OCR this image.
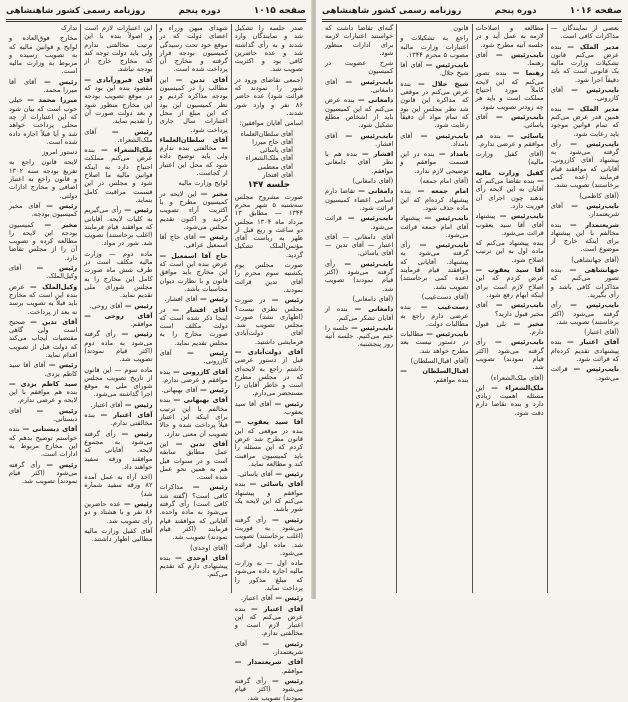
صفحه ۱۰۱۵
دوره پنجم
روزنامه رسمی کشور شاهنشاهی

صدر جلسه را تشکیل شد و نمایندگان وارد شدند و به رأی گذاشته شد و عده حاضرین کافی بود و اکثریت تصویب شد.

(جمعی تقاضای ورود در شور را نمودند که قرائت شود) عده حاضر ۸۶ نفر و وارد شور شدند.

اسامی آقایان موافقین:

آقای سلطان‌العلماء
آقای حاج میرزا
آقای یاسائی
آقای ملک‌الشعراء
آقای معظمی
آقای افتخار
جلسه ۱۴۷

صورت مشروح مجلس سه‌شنبه ۵ شهر محرم ۱۳۴۴ — مطابق ۱۳ مرداد ماه ۱۳۰۴ مجلس دو ساعت و ربع قبل از ظهر به ریاست آقای مؤتمن‌الملک تشکیل گردید.

صورت مجلس یوم یکشنبه سوم محرم را آقای تدین قرائت نمودند.

رئیس — در صورت مجلس نظری نیست؟ (اظهاری نشد) صورت مجلس تصویب شد. آقای دولت‌آبادی فرمایشی داشتید.

آقای دولت‌آبادی — قبل از دستور عرضی داشتم راجع به لایحه‌ای که در مجلس مطرح است و خاطر آقایان را مستحضر می‌دارم.

رئیس — آقای آقا سید یعقوب.

آقا سید یعقوب — بنده در موقعی که این قانون مطرح شد عرض کردم که این مسئله را باید کمیسیون مراقبت کند و مطالعه نماید.

رئیس — آقای یاسائی.

آقای یاسائی — بنده موافقم و پیشنهاد می‌کنم که این لایحه یک شور باشد.

رئیس — رأی گرفته می‌شود به فوریت (اغلب برخاستند) تصویب شد. ماده اول قرائت می‌شود.

ماده اول — به وزارت مالیه اجازه داده می‌شود که مبلغ مذکور را پرداخت نماید.

رئیس — آقای اعتبار.

آقای اعتبار — بنده عرض می‌کنم که این اعتبار لازم است و مخالفتی ندارم.

رئیس — آقای شریعتمدار.

آقای شریعتمدار — موافقم.

رئیس — رأی گرفته می‌شود (اکثر قیام نمودند) تصویب شد.

شهدای میهن وزراء و اعضای دولت که در موقع خود تحت رسیدگی کمیسیون بودجه قرار گرفته و مخارج آن پرداخت شده است.

آقای تدین — این مطالب را در کمیسیون بودجه مذاکره کردیم و نظر کمیسیون این بود که این مبلغ از محل اعتبارات سال جاری پرداخت شود.

آقای سلطان‌العلماء — مخالفتی بنده ندارم ولی باید توضیح داده شود که محل این اعتبار از کجاست.

لوایح وزارت مالیه

مخبر — این لایحه در کمیسیون مطرح و با اکثریت آراء تصویب گردید و اکنون تقدیم مجلس می‌شود.

رئیس — آقای حاج آقا اسمعیل عراقی.

حاج آقا اسمعیل — عرض بنده این است که این مخارج باید موافق قانون و با نظارت دیوان محاسبات باشد.

رئیس — آقای افشار.

آقای افشار — در اینجا ذکر شده است که دولت مکلف است صورت مخارج را به مجلس تقدیم نماید.

رئیس — آقای کازرونی.

آقای کازرونی — بنده موافقم و عرضی ندارم.

رئیس — آقای بهبهانی.

آقای بهبهانی — بنده مخالفم با این ترتیب برای اینکه این اعتبار قبلاً پرداخت شده و حالا تصویب آن معنی ندارد.

آقای تدین — این عمل مطابق سابقه است و در سنوات قبل هم به همین نحو عمل شده است.

رئیس — مذاکرات کافی است؟ (گفته شد کافی است) رأی گرفته می‌شود به ماده واحده. آقایانی که موافقند قیام فرمایند (اکثر قیام نمودند) تصویب شد.

(آقای اوحدی)

آقای اوحدی — بنده پیشنهادی دارم که تقدیم می‌کنم.

این اعتبارات لازم است و اصولاً بنده با این ترتیب مخالفتی ندارم ولی باید دولت توجه کند که مخارج خارج از بودجه نباشد.

آقای فیروزآبادی — مقصود بنده این بود که در موقع تصویب بودجه این مخارج منظور شود و بعد دولت صورت آن را تقدیم نماید.

رئیس — آقای ملک‌الشعراء.

ملک‌الشعراء — بنده عرض می‌کنم مملکت احتیاج دارد به اینکه قوانین مالیه ما اصلاح شود و مجلس در این قسمت مراقبت کامل بنماید.

رئیس — رأی می‌گیریم به کلیات لایحه. آقایانی که موافقند قیام فرمایند (اغلب برخاستند) تصویب شد. شور در مواد.

ماده دوم — وزارت مالیه مکلف است در ظرف شش ماه صورت کامل این مخارج را به مجلس شورای ملی تقدیم نماید.

رئیس — آقای روحی.

آقای روحی — موافقم.

رئیس — رأی گرفته می‌شود به ماده دوم (اکثر قیام نمودند) تصویب شد.

ماده سوم — این قانون از تاریخ تصویب مجلس شورای ملی به موقع اجرا گذاشته می‌شود.

رئیس — آقای اعتبار.

آقای اعتبار — بنده مخالفتی ندارم.

رئیس — رأی گرفته می‌شود به مجموع لایحه. آقایانی که موافقند ورقه سفید خواهند داد.

(اخذ آراء به عمل آمده ۸۲ ورقه سفید شماره شد)

رئیس — عده حاضرین ۸۶ نفر و با هشتاد و دو رأی تصویب شد.

آقای کفیل وزارت مالیه مطالبی اظهار داشتند.

تدارک

مخارج فوق‌العاده و لوایح و قوانین مالیه که به تصویب رسیده و مربوط به وزارت مالیه است.

رئیس — آقای آقا میرزا محمد.

میرزا محمد — خیلی خوب است که بیان شود که این اعتبارات از چه محلی پرداخت خواهد شد و آیا قبلاً اجازه داده شده است.

دستور امروز

لایحه قانون راجع به تفریغ بودجه سنه ۱۳۰۲ و قانون راجع به اعتبار اضافی و مخارج ادارات دولتی.

رئیس — آقای مخبر کمیسیون بودجه.

مخبر — کمیسیون بودجه این لایحه را مطالعه کرده و تصویب آن را از مجلس تقاضا دارد.

رئیس — آقای وکیل‌الملک.

وکیل‌الملک — عرض بنده این است که مخارج باید قبلاً به تصویب برسد نه بعد از پرداخت.

آقای تدین — صحیح است ولی گاهی مقتضیات ایجاب می‌کند که دولت قبل از تصویب اقدام نماید.

رئیس — آقای آقا سید کاظم یزدی.

سید کاظم یزدی — بنده هم موافقم با این لایحه و عرضی ندارم.

رئیس — آقای دبستانی.

آقای دبستانی — بنده خواستم توضیح بدهم که این مخارج مربوط به ادارات است.

رئیس — رأی گرفته می‌شود (اکثر قیام نمودند) تصویب شد.

صفحه ۱۰۱۶
دوره پنجم
روزنامه رسمی کشور شاهنشاهی

بعضی از نمایندگان — مذاکرات کافی است.

مدیر الملک — بنده عرض می‌کنم قانون تشکیلات وزارت مالیه یک قانونی است که باید دقیقاً اجرا شود.

نایب‌رئیس — آقای کازرونی.

مدیر الملک — بنده همین قدر عرض می‌کنم که تمام قوانین موجود باید رعایت شود.

نایب‌رئیس — رأی گرفته می‌شود به پیشنهاد آقای کازرونی. آقایانی که موافقند قیام فرمایند (عده کمی برخاستند) تصویب نشد.

(آقای کاظمی)

نایب‌رئیس — آقای شریعتمدار.

شریعتمدار — بنده مخالفم با این پیشنهاد برای اینکه خارج از موضوع است.

(آقای جهانشاهی)

جهانشاهی — بنده تصور می‌کنم که مذاکرات کافی باشد و رأی بگیرید.

نایب‌رئیس — رأی گرفته می‌شود (اکثر برخاستند) تصویب شد.

(آقای اعتبار)

آقای اعتبار — بنده پیشنهادی تقدیم کرده‌ام که قرائت شود.

نایب‌رئیس — قرائت می‌شود.

مطالعه و اصلاحات لازمه به عمل آید و در جلسه آتیه مطرح شود.

نایب‌رئیس — آقای رهنما.

رهنما — بنده تصور می‌کنم که این لایحه کاملاً مورد احتیاج مملکت است و باید هر چه زودتر تصویب شود.

نایب‌رئیس — آقای یاسائی.

یاسائی — بنده هم موافقم و عرضی ندارم.

(آقای کفیل وزارت مالیه)

کفیل وزارت مالیه — بنده تقاضا می‌کنم که آقایان به این لایحه رأی بدهند چون اجرای آن فوریت دارد.

نایب‌رئیس — پیشنهاد آقای آقا سید یعقوب قرائت می‌شود.

بنده پیشنهاد می‌کنم که ماده اول به این ترتیب اصلاح شود.

آقا سید یعقوب — عرض کردم که این اصلاح لازم است برای اینکه ابهام رفع شود.

نایب‌رئیس — آقای مخبر قبول دارید؟

مخبر — بلی قبول دارم.

نایب‌رئیس — رأی گرفته می‌شود (اکثر قیام نمودند) تصویب شد.

(آقای ملک‌الشعراء)

ملک‌الشعراء — این مسئله اهمیت زیادی دارد و بنده تقاضا دارم دقت شود.

قانون

راجع به تشکیلات و اعتبارات وزارت مالیه مصوب ۵ محرم ۱۳۴۴.

نایب‌رئیس — آقای آقا شیخ جلال.

شیخ جلال — بنده عرض می‌کنم در موقعی که مذاکره این قانون شد نظر مجلس این بود که تمام مواد آن دقیقاً رعایت شود.

نایب‌رئیس — آقای بامداد.

بامداد — بنده در این قسمت موافقم و توضیحی لازم ندارد.

(آقای امام جمعه)

امام جمعه — بنده پیشنهاد کرده‌ام که این ماده حذف شود.

نایب‌رئیس — پیشنهاد آقای امام جمعه قرائت می‌شود.

نایب‌رئیس — رأی گرفته می‌شود به پیشنهاد. آقایانی که موافقند قیام فرمایند (عده کمی برخاستند) تصویب نشد.

(آقای دست‌غیب)

دست‌غیب — بنده عرضی دارم راجع به مطالبات دولت.

نایب‌رئیس — مطالبات در دستور نیست بعد مطرح خواهد شد.

(آقای اقبال‌السلطان)

اقبال‌السلطان — بنده موافقم.

گنه‌ای تقاضا داشت که خواستند اعتبارات لازمه برای ادارات منظور شود.

شرح عضویت در کمیسیون

نایب‌رئیس — آقای دامغانی.

دامغانی — بنده عرض می‌کنم که این کمیسیون باید از اشخاص مطلع تشکیل شود.

نایب‌رئیس — آقای افشار.

افشار — بنده هم با نظر آقای دامغانی موافقم.

(آقای دامغانی)

دامغانی — تقاضا دارم اسامی اعضاء کمیسیون قرائت شود.

نایب‌رئیس — قرائت می‌شود.

آقای دامغانی — آقای اعتبار — آقای تدین — آقای یاسائی.

نایب‌رئیس — رأی گرفته می‌شود (اکثر قیام نمودند) تصویب شد.

(آقای دامغانی)

دامغانی — بنده از آقایان تشکر می‌کنم.

نایب‌رئیس — جلسه را ختم می‌کنیم. جلسه آتیه روز پنجشنبه.
